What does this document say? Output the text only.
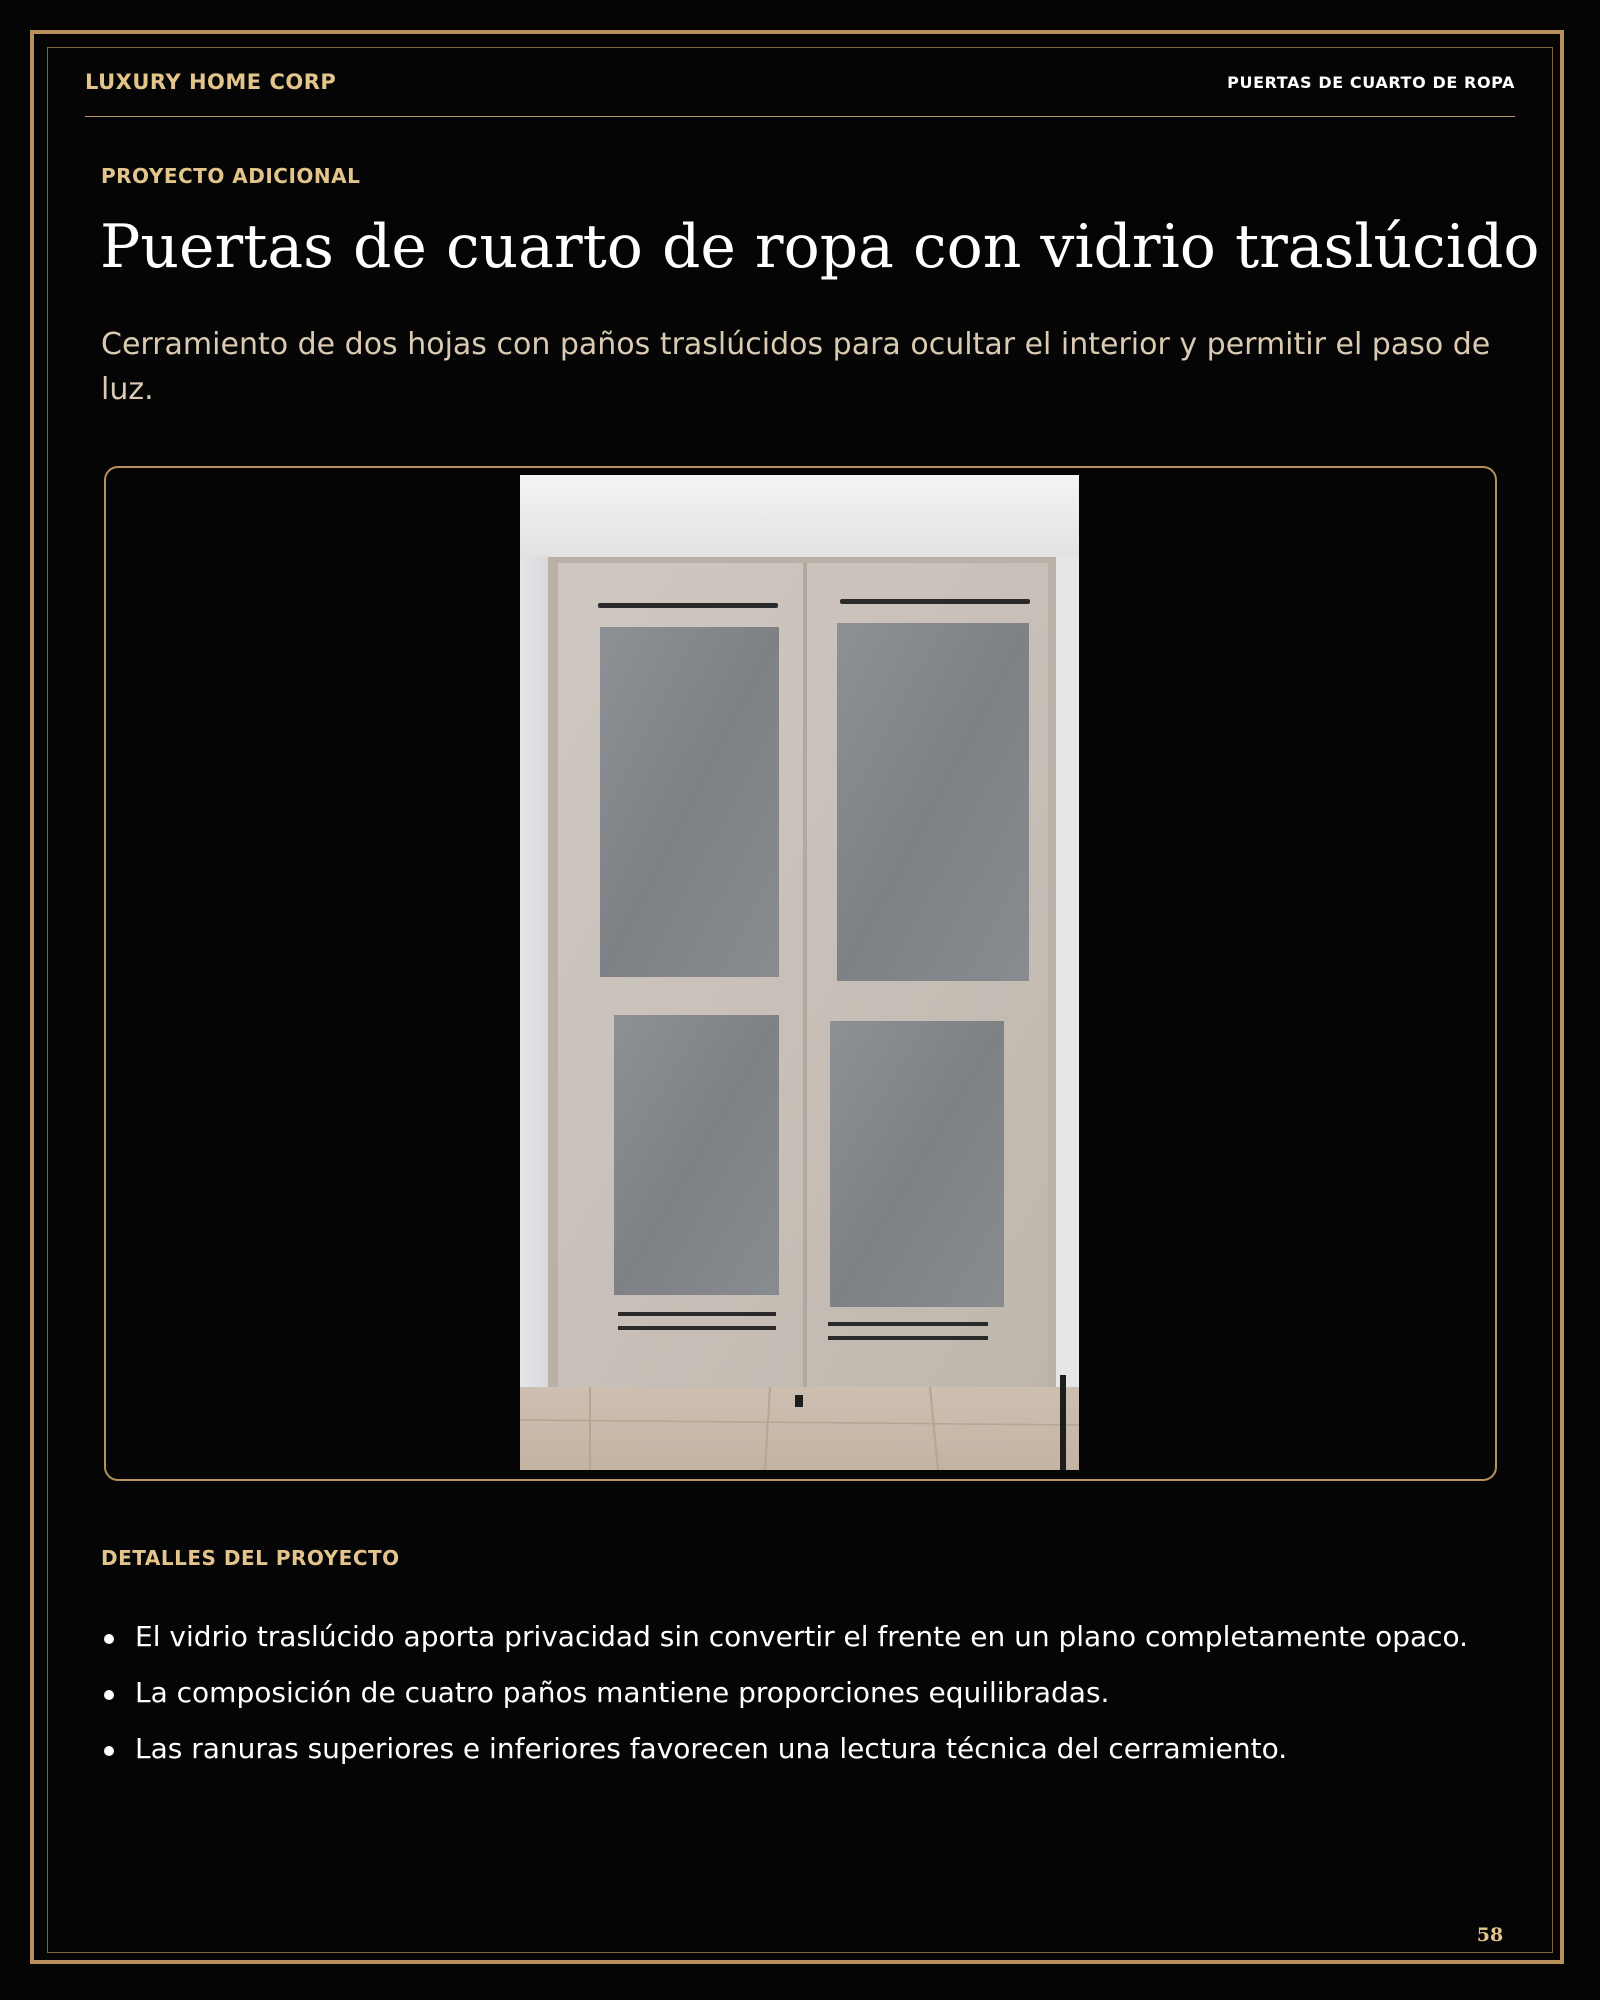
LUXURY HOME CORP	PUERTAS DE CUARTO DE ROPA
PROYECTO ADICIONAL
Puertas de cuarto de ropa con vidrio traslúcido
Cerramiento de dos hojas con paños traslúcidos para ocultar el interior y permitir el paso de luz.
DETALLES DEL PROYECTO
El vidrio traslúcido aporta privacidad sin convertir el frente en un plano completamente opaco.
La composición de cuatro paños mantiene proporciones equilibradas.
Las ranuras superiores e inferiores favorecen una lectura técnica del cerramiento.
58
